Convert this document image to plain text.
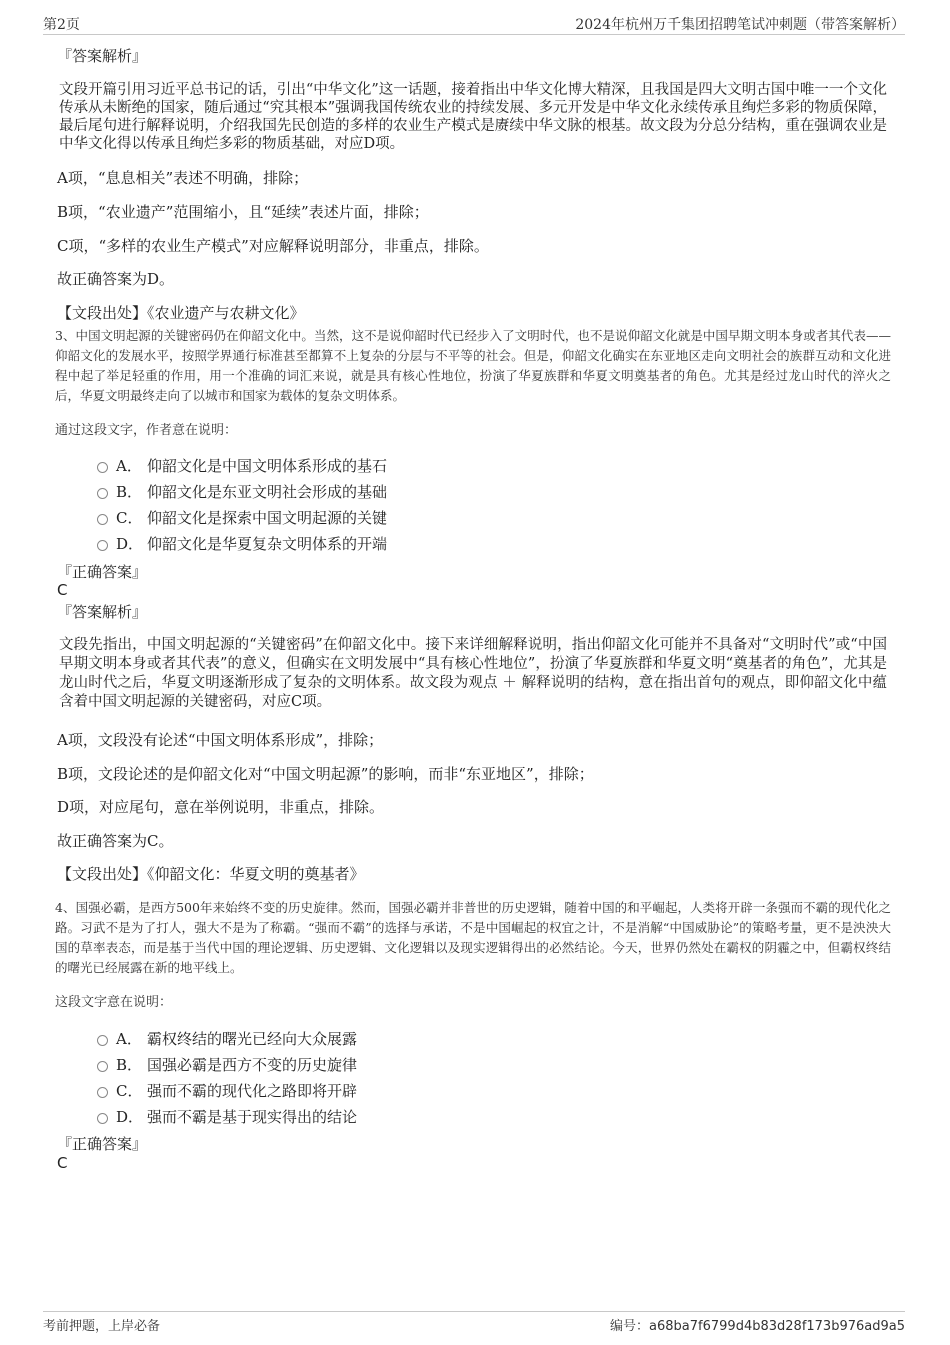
第2页	2024年杭州万千集团招聘笔试冲刺题（带答案解析）
『答案解析』
文段开篇引用习近平总书记的话，引出“中华文化”这一话题，接着指出中华文化博大精深，且我国是四大文明古国中唯一一个文化传承从未断绝的国家，随后通过“究其根本”强调我国传统农业的持续发展、多元开发是中华文化永续传承且绚烂多彩的物质保障，最后尾句进行解释说明，介绍我国先民创造的多样的农业生产模式是赓续中华文脉的根基。故文段为分总分结构，重在强调农业是中华文化得以传承且绚烂多彩的物质基础，对应D项。
A项，“息息相关”表述不明确，排除；
B项，“农业遗产”范围缩小，且“延续”表述片面，排除；
C项，“多样的农业生产模式”对应解释说明部分，非重点，排除。
故正确答案为D。
【文段出处】《农业遗产与农耕文化》
3、中国文明起源的关键密码仍在仰韶文化中。当然，这不是说仰韶时代已经步入了文明时代，也不是说仰韶文化就是中国早期文明本身或者其代表——仰韶文化的发展水平，按照学界通行标准甚至都算不上复杂的分层与不平等的社会。但是，仰韶文化确实在东亚地区走向文明社会的族群互动和文化进程中起了举足轻重的作用，用一个准确的词汇来说，就是具有核心性地位，扮演了华夏族群和华夏文明奠基者的角色。尤其是经过龙山时代的淬火之后，华夏文明最终走向了以城市和国家为载体的复杂文明体系。
通过这段文字，作者意在说明：
A． 仰韶文化是中国文明体系形成的基石
B． 仰韶文化是东亚文明社会形成的基础
C． 仰韶文化是探索中国文明起源的关键
D． 仰韶文化是华夏复杂文明体系的开端
『正确答案』
C
『答案解析』
文段先指出，中国文明起源的“关键密码”在仰韶文化中。接下来详细解释说明，指出仰韶文化可能并不具备对“文明时代”或“中国早期文明本身或者其代表”的意义，但确实在文明发展中“具有核心性地位”，扮演了华夏族群和华夏文明“奠基者的角色”，尤其是龙山时代之后，华夏文明逐渐形成了复杂的文明体系。故文段为观点 ＋ 解释说明的结构，意在指出首句的观点，即仰韶文化中蕴含着中国文明起源的关键密码，对应C项。
A项，文段没有论述“中国文明体系形成”，排除；
B项，文段论述的是仰韶文化对“中国文明起源”的影响，而非“东亚地区”，排除；
D项，对应尾句，意在举例说明，非重点，排除。
故正确答案为C。
【文段出处】《仰韶文化：华夏文明的奠基者》
4、国强必霸，是西方500年来始终不变的历史旋律。然而，国强必霸并非普世的历史逻辑，随着中国的和平崛起，人类将开辟一条强而不霸的现代化之路。习武不是为了打人，强大不是为了称霸。“强而不霸”的选择与承诺，不是中国崛起的权宜之计，不是消解“中国威胁论”的策略考量，更不是泱泱大国的草率表态，而是基于当代中国的理论逻辑、历史逻辑、文化逻辑以及现实逻辑得出的必然结论。今天，世界仍然处在霸权的阴霾之中，但霸权终结的曙光已经展露在新的地平线上。
这段文字意在说明：
A． 霸权终结的曙光已经向大众展露
B． 国强必霸是西方不变的历史旋律
C． 强而不霸的现代化之路即将开辟
D． 强而不霸是基于现实得出的结论
『正确答案』
C
考前押题，上岸必备	编号：a68ba7f6799d4b83d28f173b976ad9a5
